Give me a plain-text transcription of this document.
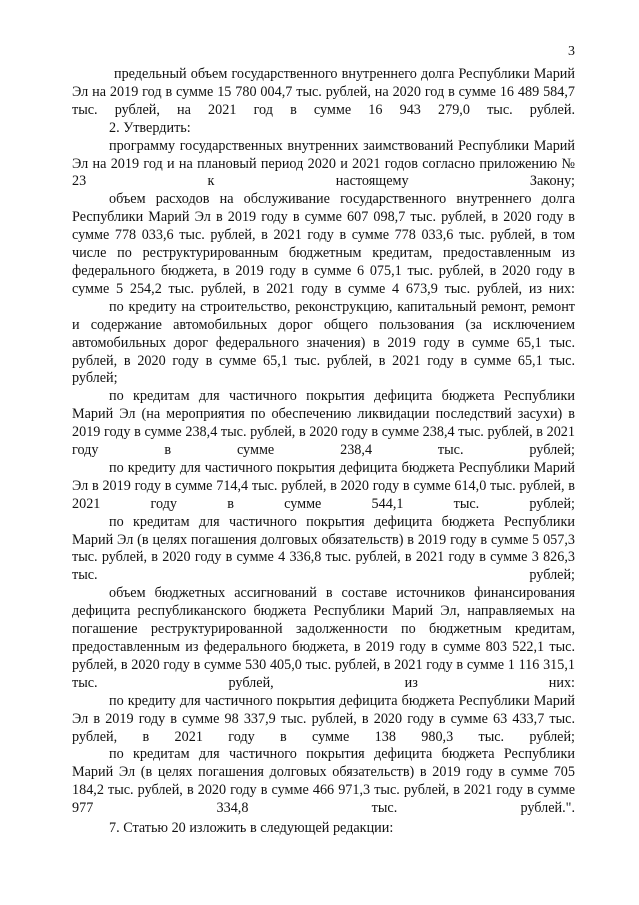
3

предельный объем государственного внутреннего долга Республики Марий Эл на 2019 год в сумме 15 780 004,7 тыс. рублей, на 2020 год в сумме 16 489 584,7 тыс. рублей, на 2021 год в сумме 16 943 279,0 тыс. рублей.

2. Утвердить:

программу государственных внутренних заимствований Республики Марий Эл на 2019 год и на плановый период 2020 и 2021 годов согласно приложению № 23 к настоящему Закону;

объем расходов на обслуживание государственного внутреннего долга Республики Марий Эл в 2019 году в сумме 607 098,7 тыс. рублей, в 2020 году в сумме 778 033,6 тыс. рублей, в 2021 году в сумме 778 033,6 тыс. рублей, в том числе по реструктурированным бюджетным кредитам, предоставленным из федерального бюджета, в 2019 году в сумме 6 075,1 тыс. рублей, в 2020 году в сумме 5 254,2 тыс. рублей, в 2021 году в сумме 4 673,9 тыс. рублей, из них:

по кредиту на строительство, реконструкцию, капитальный ремонт, ремонт и содержание автомобильных дорог общего пользования (за исключением автомобильных дорог федерального значения) в 2019 году в сумме 65,1 тыс. рублей, в 2020 году в сумме 65,1 тыс. рублей, в 2021 году в сумме 65,1 тыс. рублей;

по кредитам для частичного покрытия дефицита бюджета Республики Марий Эл (на мероприятия по обеспечению ликвидации последствий засухи) в 2019 году в сумме 238,4 тыс. рублей, в 2020 году в сумме 238,4 тыс. рублей, в 2021 году в сумме 238,4 тыс. рублей;

по кредиту для частичного покрытия дефицита бюджета Республики Марий Эл в 2019 году в сумме 714,4 тыс. рублей, в 2020 году в сумме 614,0 тыс. рублей, в 2021 году в сумме 544,1 тыс. рублей;

по кредитам для частичного покрытия дефицита бюджета Республики Марий Эл (в целях погашения долговых обязательств) в 2019 году в сумме 5 057,3 тыс. рублей, в 2020 году в сумме 4 336,8 тыс. рублей, в 2021 году в сумме 3 826,3 тыс. рублей;

объем бюджетных ассигнований в составе источников финансирования дефицита республиканского бюджета Республики Марий Эл, направляемых на погашение реструктурированной задолженности по бюджетным кредитам, предоставленным из федерального бюджета, в 2019 году в сумме 803 522,1 тыс. рублей, в 2020 году в сумме 530 405,0 тыс. рублей, в 2021 году в сумме 1 116 315,1 тыс. рублей, из них:

по кредиту для частичного покрытия дефицита бюджета Республики Марий Эл в 2019 году в сумме 98 337,9 тыс. рублей, в 2020 году в сумме 63 433,7 тыс. рублей, в 2021 году в сумме 138 980,3 тыс. рублей;

по кредитам для частичного покрытия дефицита бюджета Республики Марий Эл (в целях погашения долговых обязательств) в 2019 году в сумме 705 184,2 тыс. рублей, в 2020 году в сумме 466 971,3 тыс. рублей, в 2021 году в сумме 977 334,8 тыс. рублей.".

7. Статью 20 изложить в следующей редакции:
